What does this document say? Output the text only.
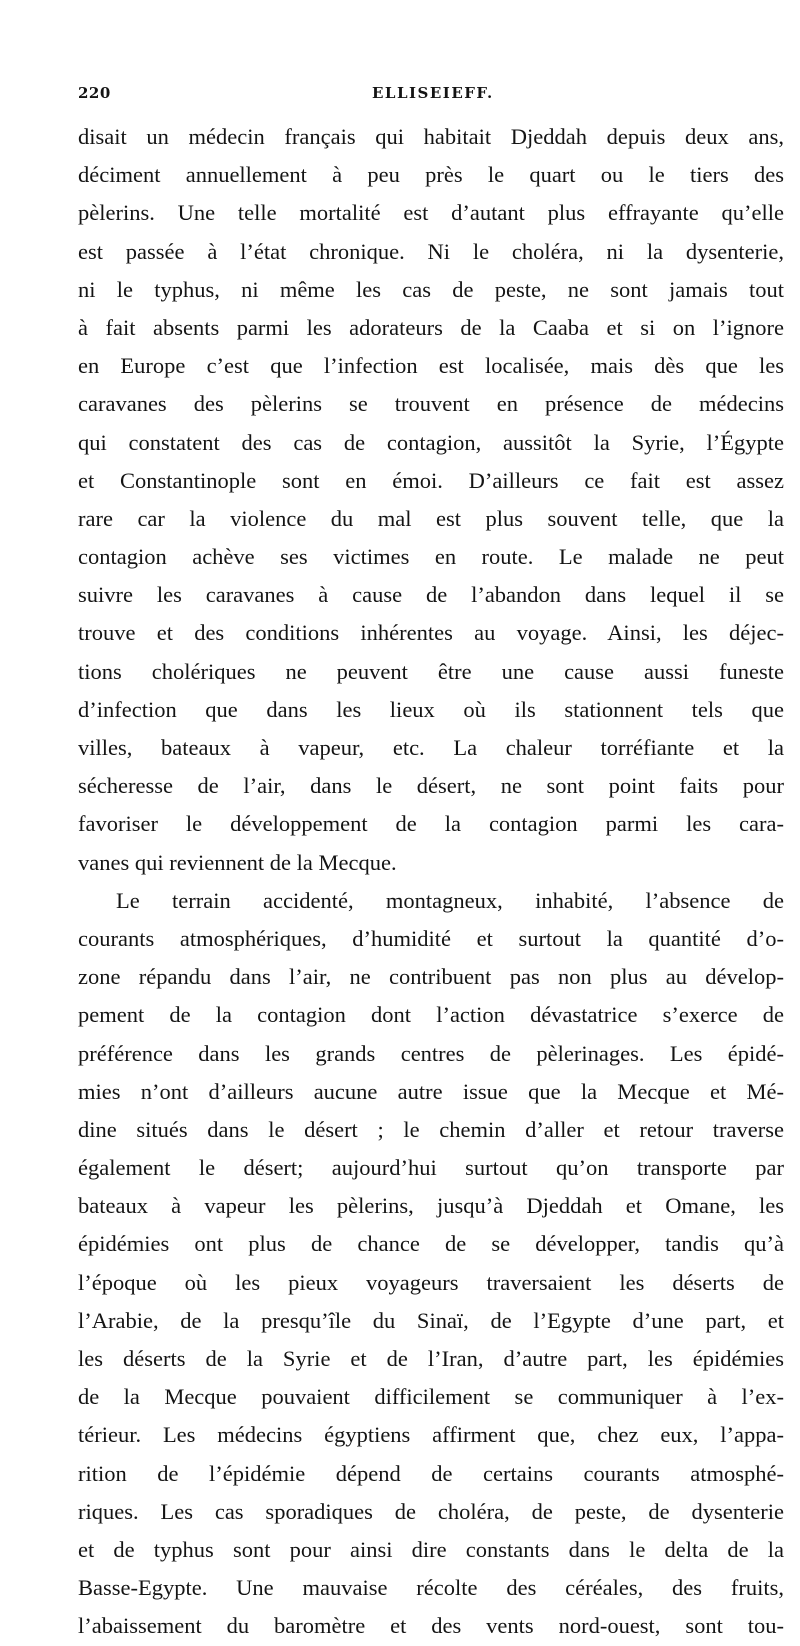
220	ELLISEIEFF.
disait un médecin français qui habitait Djeddah depuis deux ans,
déciment annuellement à peu près le quart ou le tiers des
pèlerins. Une telle mortalité est d’autant plus effrayante qu’elle
est passée à l’état chronique. Ni le choléra, ni la dysenterie,
ni le typhus, ni même les cas de peste, ne sont jamais tout
à fait absents parmi les adorateurs de la Caaba et si on l’ignore
en Europe c’est que l’infection est localisée, mais dès que les
caravanes des pèlerins se trouvent en présence de médecins
qui constatent des cas de contagion, aussitôt la Syrie, l’Égypte
et Constantinople sont en émoi. D’ailleurs ce fait est assez
rare car la violence du mal est plus souvent telle, que la
contagion achève ses victimes en route. Le malade ne peut
suivre les caravanes à cause de l’abandon dans lequel il se
trouve et des conditions inhérentes au voyage. Ainsi, les déjec-
tions cholériques ne peuvent être une cause aussi funeste
d’infection que dans les lieux où ils stationnent tels que
villes, bateaux à vapeur, etc. La chaleur torréfiante et la
sécheresse de l’air, dans le désert, ne sont point faits pour
favoriser le développement de la contagion parmi les cara-
vanes qui reviennent de la Mecque.
Le terrain accidenté, montagneux, inhabité, l’absence de
courants atmosphériques, d’humidité et surtout la quantité d’o-
zone répandu dans l’air, ne contribuent pas non plus au dévelop-
pement de la contagion dont l’action dévastatrice s’exerce de
préférence dans les grands centres de pèlerinages. Les épidé-
mies n’ont d’ailleurs aucune autre issue que la Mecque et Mé-
dine situés dans le désert ; le chemin d’aller et retour traverse
également le désert; aujourd’hui surtout qu’on transporte par
bateaux à vapeur les pèlerins, jusqu’à Djeddah et Omane, les
épidémies ont plus de chance de se développer, tandis qu’à
l’époque où les pieux voyageurs traversaient les déserts de
l’Arabie, de la presqu’île du Sinaï, de l’Egypte d’une part, et
les déserts de la Syrie et de l’Iran, d’autre part, les épidémies
de la Mecque pouvaient difficilement se communiquer à l’ex-
térieur. Les médecins égyptiens affirment que, chez eux, l’appa-
rition de l’épidémie dépend de certains courants atmosphé-
riques. Les cas sporadiques de choléra, de peste, de dysenterie
et de typhus sont pour ainsi dire constants dans le delta de la
Basse-Egypte. Une mauvaise récolte des céréales, des fruits,
l’abaissement du baromètre et des vents nord-ouest, sont tou-
